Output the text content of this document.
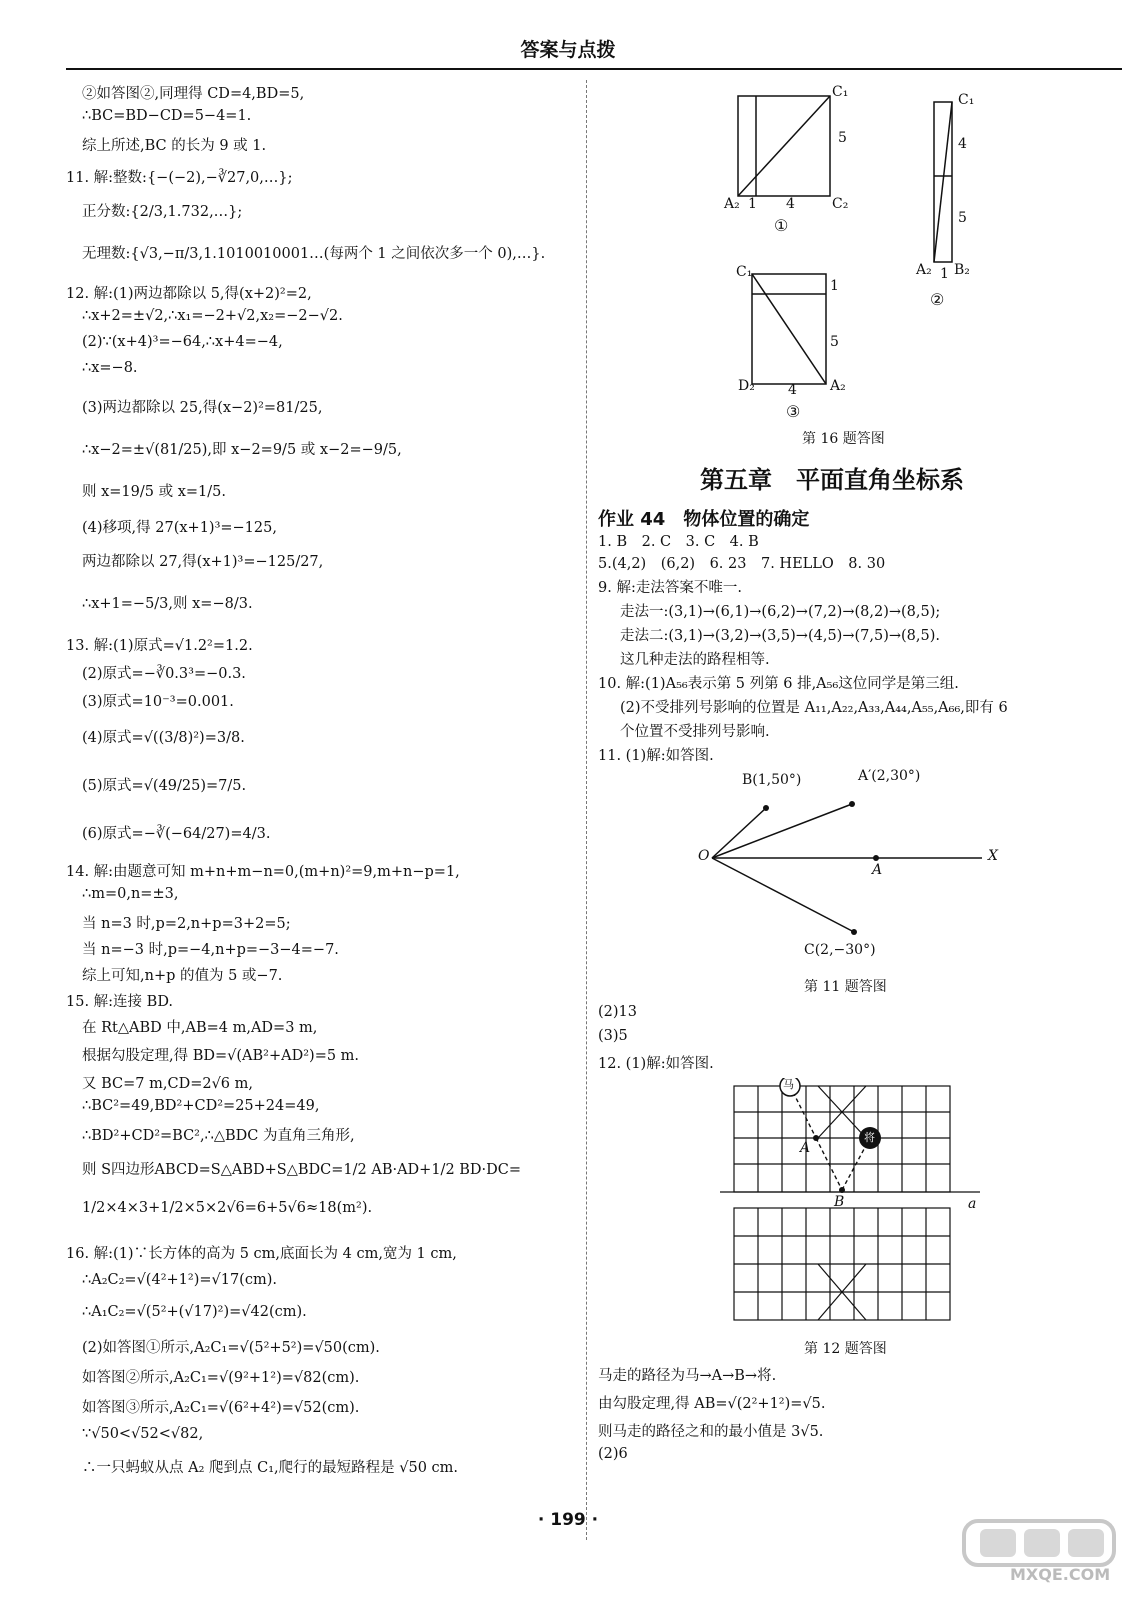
答案与点拨
②如答图②,同理得 CD=4,BD=5,
∴BC=BD−CD=5−4=1.
综上所述,BC 的长为 9 或 1.
11. 解:整数:{−(−2),−∛27,0,…};
正分数:{2/3,1.732,…};
无理数:{√3,−π/3,1.1010010001…(每两个 1 之间依次多一个 0),…}.
12. 解:(1)两边都除以 5,得(x+2)²=2,
∴x+2=±√2,∴x₁=−2+√2,x₂=−2−√2.
(2)∵(x+4)³=−64,∴x+4=−4,
∴x=−8.
(3)两边都除以 25,得(x−2)²=81/25,
∴x−2=±√(81/25),即 x−2=9/5 或 x−2=−9/5,
则 x=19/5 或 x=1/5.
(4)移项,得 27(x+1)³=−125,
两边都除以 27,得(x+1)³=−125/27,
∴x+1=−5/3,则 x=−8/3.
13. 解:(1)原式=√1.2²=1.2.
(2)原式=−∛0.3³=−0.3.
(3)原式=10⁻³=0.001.
(4)原式=√((3/8)²)=3/8.
(5)原式=√(49/25)=7/5.
(6)原式=−∛(−64/27)=4/3.
14. 解:由题意可知 m+n+m−n=0,(m+n)²=9,m+n−p=1,
∴m=0,n=±3,
当 n=3 时,p=2,n+p=3+2=5;
当 n=−3 时,p=−4,n+p=−3−4=−7.
综上可知,n+p 的值为 5 或−7.
15. 解:连接 BD.
在 Rt△ABD 中,AB=4 m,AD=3 m,
根据勾股定理,得 BD=√(AB²+AD²)=5 m.
又 BC=7 m,CD=2√6 m,
∴BC²=49,BD²+CD²=25+24=49,
∴BD²+CD²=BC²,∴△BDC 为直角三角形,
则 S四边形ABCD=S△ABD+S△BDC=1/2 AB·AD+1/2 BD·DC=
1/2×4×3+1/2×5×2√6=6+5√6≈18(m²).
16. 解:(1)∵长方体的高为 5 cm,底面长为 4 cm,宽为 1 cm,
∴A₂C₂=√(4²+1²)=√17(cm).
∴A₁C₂=√(5²+(√17)²)=√42(cm).
(2)如答图①所示,A₂C₁=√(5²+5²)=√50(cm).
如答图②所示,A₂C₁=√(9²+1²)=√82(cm).
如答图③所示,A₂C₁=√(6²+4²)=√52(cm).
∵√50<√52<√82,
∴一只蚂蚁从点 A₂ 爬到点 C₁,爬行的最短路程是 √50 cm.
C₁
5
A₂ 1 4	C₂
①
C₁
4
5
A₂ 1 B₂
②
C₁
1
5
D₂ 4 A₂
③
第 16 题答图
第五章　平面直角坐标系
作业 44　物体位置的确定
1. B　2. C　3. C　4. B
5.(4,2)　(6,2)　6. 23　7. HELLO　8. 30
9. 解:走法答案不唯一.
走法一:(3,1)→(6,1)→(6,2)→(7,2)→(8,2)→(8,5);
走法二:(3,1)→(3,2)→(3,5)→(4,5)→(7,5)→(8,5).
这几种走法的路程相等.
10. 解:(1)A₅₆表示第 5 列第 6 排,A₅₆这位同学是第三组.
(2)不受排列号影响的位置是 A₁₁,A₂₂,A₃₃,A₄₄,A₅₅,A₆₆,即有 6
个位置不受排列号影响.
11. (1)解:如答图.
B(1,50°)	A′(2,30°)
O	X
A
C(2,−30°)
第 11 题答图
(2)13
(3)5
12. (1)解:如答图.
马
将
A
B	a
第 12 题答图
马走的路径为马→A→B→将.
由勾股定理,得 AB=√(2²+1²)=√5.
则马走的路径之和的最小值是 3√5.
(2)6
· 199 ·
MXQE.COM
